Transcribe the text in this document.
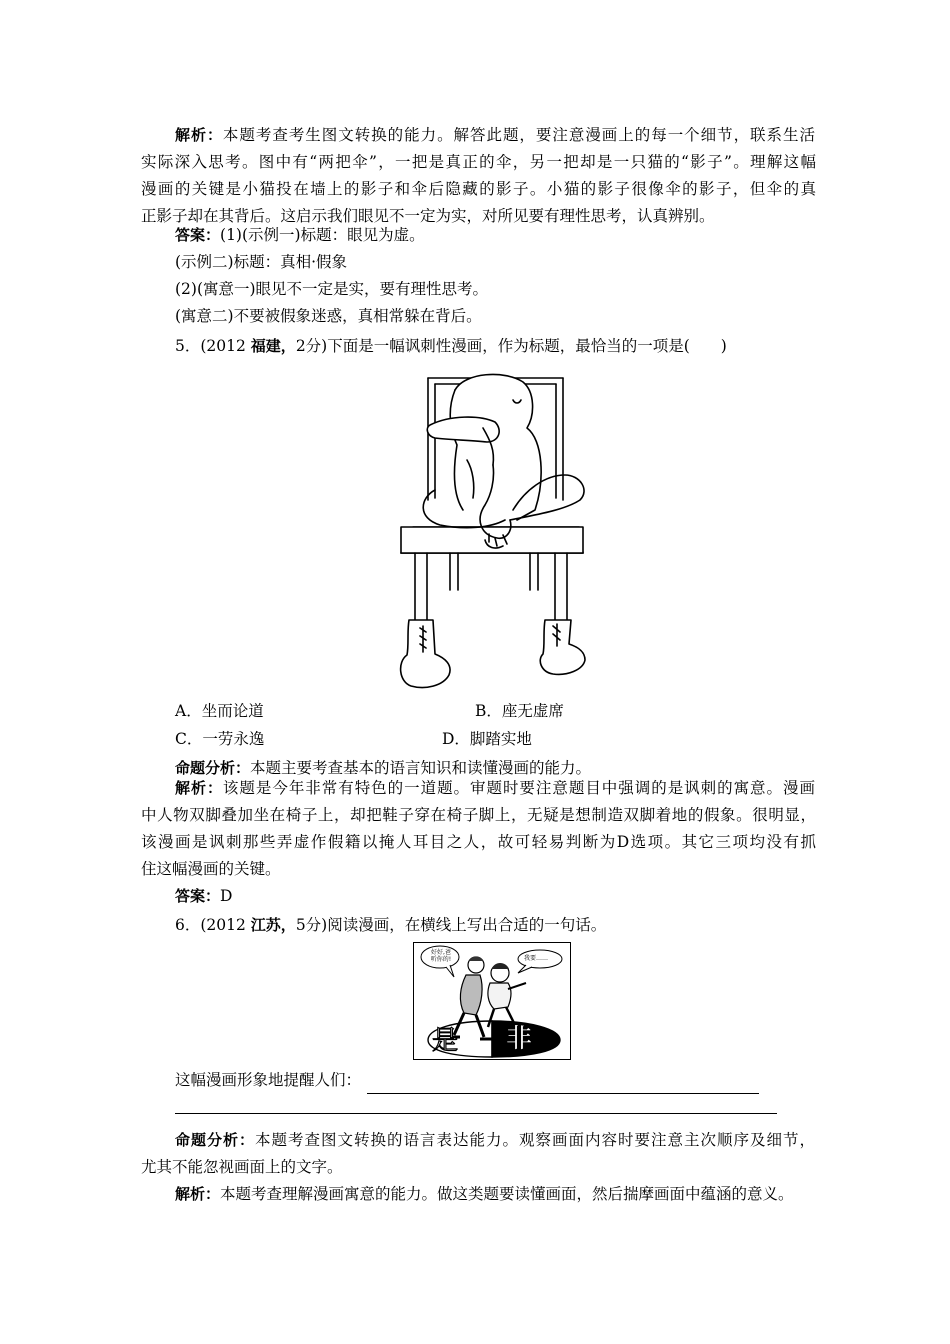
解析：本题考查考生图文转换的能力。解答此题，要注意漫画上的每一个细节，联系生活
实际深入思考。图中有“两把伞”，一把是真正的伞，另一把却是一只猫的“影子”。理解这幅
漫画的关键是小猫投在墙上的影子和伞后隐藏的影子。小猫的影子很像伞的影子，但伞的真
正影子却在其背后。这启示我们眼见不一定为实，对所见要有理性思考，认真辨别。
答案：(1)(示例一)标题：眼见为虚。
(示例二)标题：真相·假象
(2)(寓意一)眼见不一定是实，要有理性思考。
(寓意二)不要被假象迷惑，真相常躲在背后。
5．(2012 福建，2分)下面是一幅讽刺性漫画，作为标题，最恰当的一项是(　　)
A．坐而论道	B．座无虚席
C．一劳永逸	D．脚踏实地
命题分析：本题主要考查基本的语言知识和读懂漫画的能力。
解析：该题是今年非常有特色的一道题。审题时要注意题目中强调的是讽刺的寓意。漫画
中人物双脚叠加坐在椅子上，却把鞋子穿在椅子脚上，无疑是想制造双脚着地的假象。很明显，
该漫画是讽刺那些弄虚作假籍以掩人耳目之人，故可轻易判断为D选项。其它三项均没有抓
住这幅漫画的关键。
答案：D
6．(2012 江苏，5分)阅读漫画，在横线上写出合适的一句话。
好好,爸
听你的!	我要……
是 非
这幅漫画形象地提醒人们：
命题分析：本题考查图文转换的语言表达能力。观察画面内容时要注意主次顺序及细节，
尤其不能忽视画面上的文字。
解析：本题考查理解漫画寓意的能力。做这类题要读懂画面，然后揣摩画面中蕴涵的意义。
